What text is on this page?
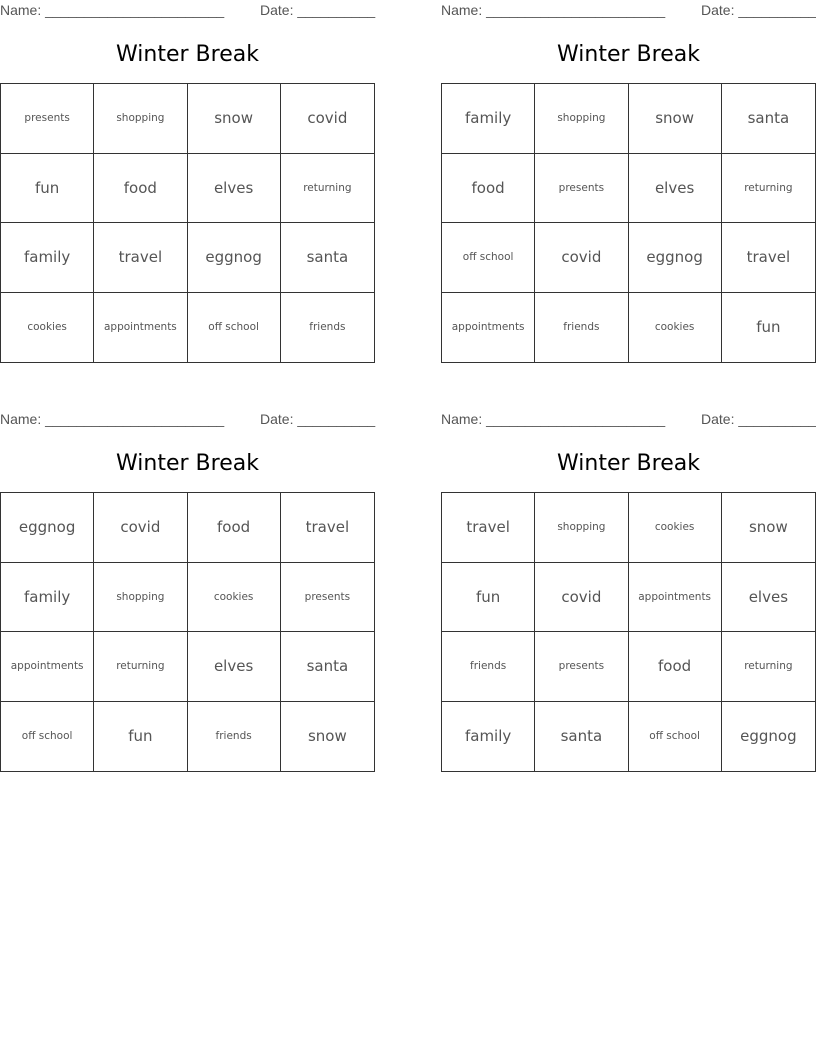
Name: _______________________	Date: __________
Winter Break
presents	shopping	snow	covid
fun	food	elves	returning
family	travel	eggnog	santa
cookies	appointments	off school	friends
Name: _______________________	Date: __________
Winter Break
family	shopping	snow	santa
food	presents	elves	returning
off school	covid	eggnog	travel
appointments	friends	cookies	fun
Name: _______________________	Date: __________
Winter Break
eggnog	covid	food	travel
family	shopping	cookies	presents
appointments	returning	elves	santa
off school	fun	friends	snow
Name: _______________________	Date: __________
Winter Break
travel	shopping	cookies	snow
fun	covid	appointments	elves
friends	presents	food	returning
family	santa	off school	eggnog
